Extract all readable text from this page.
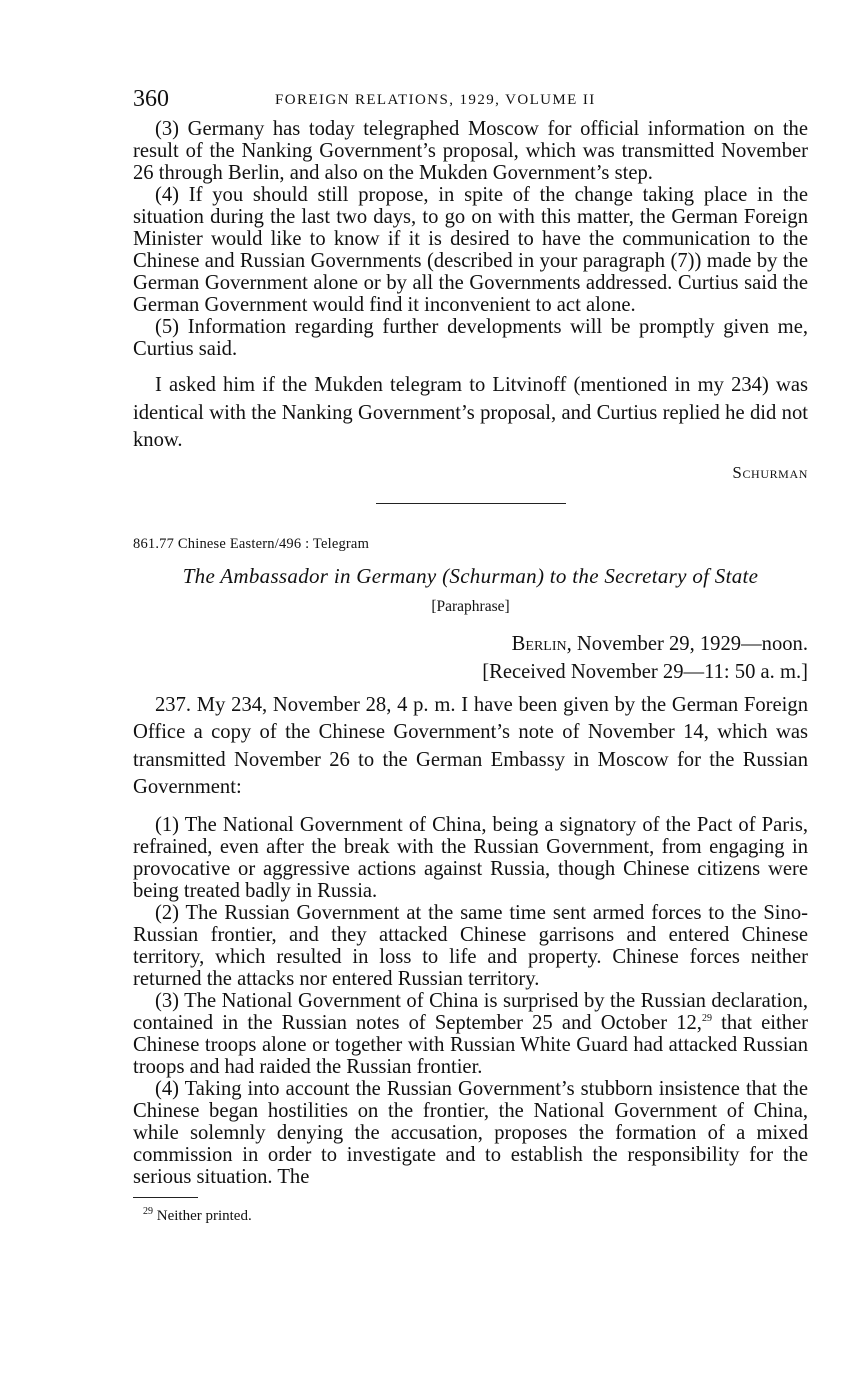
360	FOREIGN RELATIONS, 1929, VOLUME II

(3) Germany has today telegraphed Moscow for official information on the result of the Nanking Government’s proposal, which was transmitted November 26 through Berlin, and also on the Mukden Government’s step.

(4) If you should still propose, in spite of the change taking place in the situation during the last two days, to go on with this matter, the German Foreign Minister would like to know if it is desired to have the communication to the Chinese and Russian Governments (described in your paragraph (7)) made by the German Government alone or by all the Governments addressed. Curtius said the German Government would find it inconvenient to act alone.

(5) Information regarding further developments will be promptly given me, Curtius said.

I asked him if the Mukden telegram to Litvinoff (mentioned in my 234) was identical with the Nanking Government’s proposal, and Curtius replied he did not know.

Schurman
861.77 Chinese Eastern/496 : Telegram
The Ambassador in Germany (Schurman) to the Secretary of State
[Paraphrase]
Berlin, November 29, 1929—noon.
[Received November 29—11: 50 a. m.]

237. My 234, November 28, 4 p. m. I have been given by the German Foreign Office a copy of the Chinese Government’s note of November 14, which was transmitted November 26 to the German Embassy in Moscow for the Russian Government:

(1) The National Government of China, being a signatory of the Pact of Paris, refrained, even after the break with the Russian Government, from engaging in provocative or aggressive actions against Russia, though Chinese citizens were being treated badly in Russia.

(2) The Russian Government at the same time sent armed forces to the Sino-Russian frontier, and they attacked Chinese garrisons and entered Chinese territory, which resulted in loss to life and property. Chinese forces neither returned the attacks nor entered Russian territory.

(3) The National Government of China is surprised by the Russian declaration, contained in the Russian notes of September 25 and October 12,29 that either Chinese troops alone or together with Russian White Guard had attacked Russian troops and had raided the Russian frontier.

(4) Taking into account the Russian Government’s stubborn insistence that the Chinese began hostilities on the frontier, the National Government of China, while solemnly denying the accusation, proposes the formation of a mixed commission in order to investigate and to establish the responsibility for the serious situation. The

$^{29}$ Neither printed.
